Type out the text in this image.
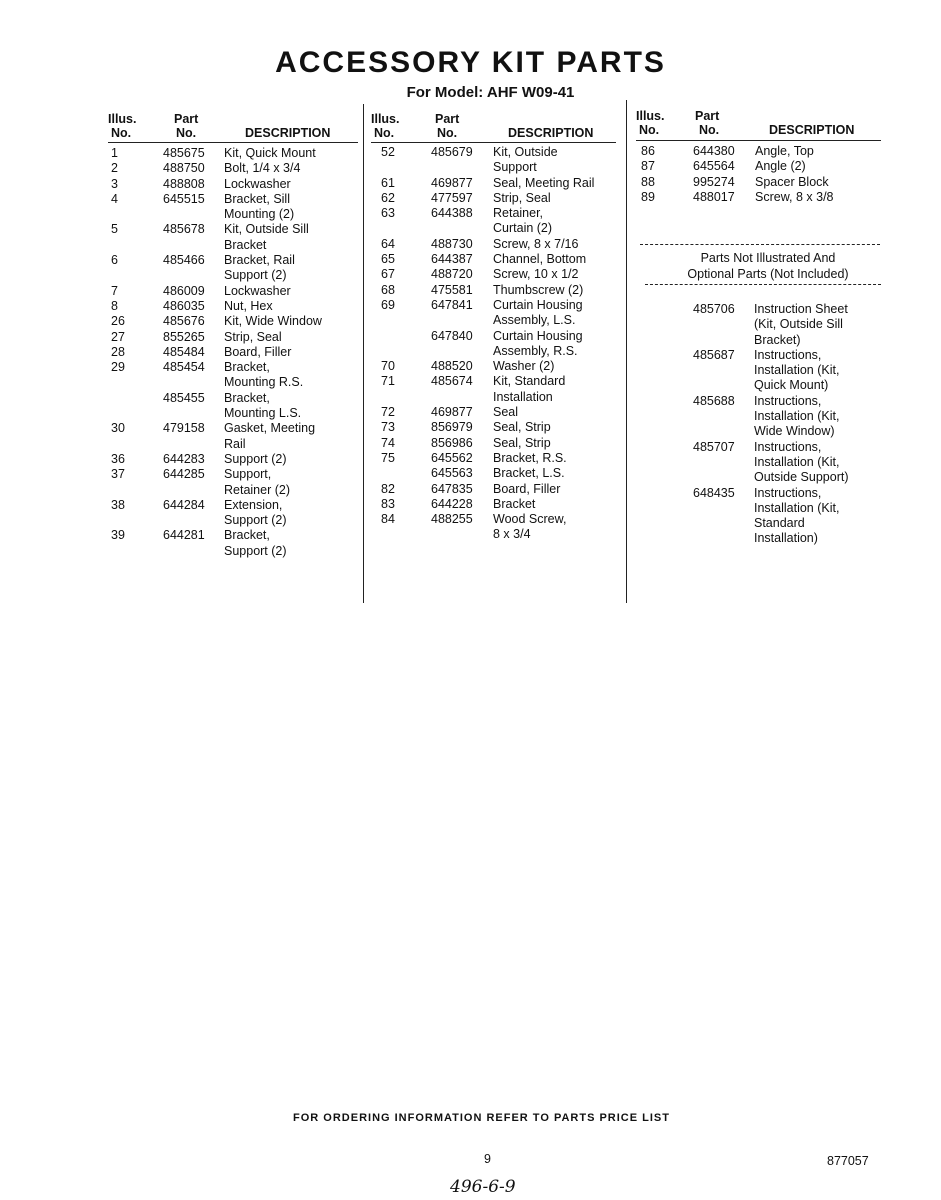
ACCESSORY KIT PARTS
For Model: AHF W09-41
Illus.
No.
Part
No.	DESCRIPTION
Illus.
No.
Part
No.	DESCRIPTION
Illus.
No.
Part
No.	DESCRIPTION
1	485675 Kit, Quick Mount
2	488750 Bolt, 1/4 x 3/4
3	488808 Lockwasher
4	645515 Bracket, Sill
Mounting (2)
5	485678 Kit, Outside Sill
Bracket
6	485466 Bracket, Rail
Support (2)
7	486009 Lockwasher
8	486035 Nut, Hex
26	485676 Kit, Wide Window
27	855265 Strip, Seal
28	485484 Board, Filler
29	485454 Bracket,
Mounting R.S.
485455 Bracket,
Mounting L.S.
30	479158 Gasket, Meeting
Rail
36	644283 Support (2)
37	644285 Support,
Retainer (2)
38	644284 Extension,
Support (2)
39	644281 Bracket,
Support (2)
52	485679 Kit, Outside
Support
61	469877 Seal, Meeting Rail
62	477597 Strip, Seal
63	644388 Retainer,
Curtain (2)
64	488730 Screw, 8 x 7/16
65	644387 Channel, Bottom
67	488720 Screw, 10 x 1/2
68	475581 Thumbscrew (2)
69	647841 Curtain Housing
Assembly, L.S.
647840 Curtain Housing
Assembly, R.S.
70	488520 Washer (2)
71	485674 Kit, Standard
Installation
72	469877 Seal
73	856979 Seal, Strip
74	856986 Seal, Strip
75	645562 Bracket, R.S.
645563 Bracket, L.S.
82	647835 Board, Filler
83	644228 Bracket
84	488255 Wood Screw,
8 x 3/4
86	644380 Angle, Top
87	645564 Angle (2)
88	995274 Spacer Block
89	488017 Screw, 8 x 3/8
Parts Not Illustrated And
Optional Parts (Not Included)
485706 Instruction Sheet
(Kit, Outside Sill
Bracket)
485687 Instructions,
Installation (Kit,
Quick Mount)
485688 Instructions,
Installation (Kit,
Wide Window)
485707 Instructions,
Installation (Kit,
Outside Support)
648435 Instructions,
Installation (Kit,
Standard
Installation)
FOR ORDERING INFORMATION REFER TO PARTS PRICE LIST
9	877057
496-6-9
